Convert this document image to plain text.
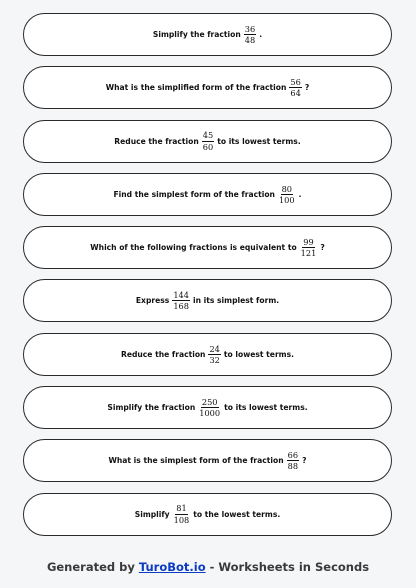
Simplify the fraction $\frac{36}{48}$ .
What is the simplified form of the fraction $\frac{56}{64}$ ?
Reduce the fraction $\frac{45}{60}$ to its lowest terms.
Find the simplest form of the fraction $\frac{80}{100}$ .
Which of the following fractions is equivalent to $\frac{99}{121}$ ?
Express $\frac{144}{168}$ in its simplest form.
Reduce the fraction $\frac{24}{32}$ to lowest terms.
Simplify the fraction $\frac{250}{1000}$ to its lowest terms.
What is the simplest form of the fraction $\frac{66}{88}$ ?
Simplify $\frac{81}{108}$ to the lowest terms.
Generated by TuroBot.io - Worksheets in Seconds
